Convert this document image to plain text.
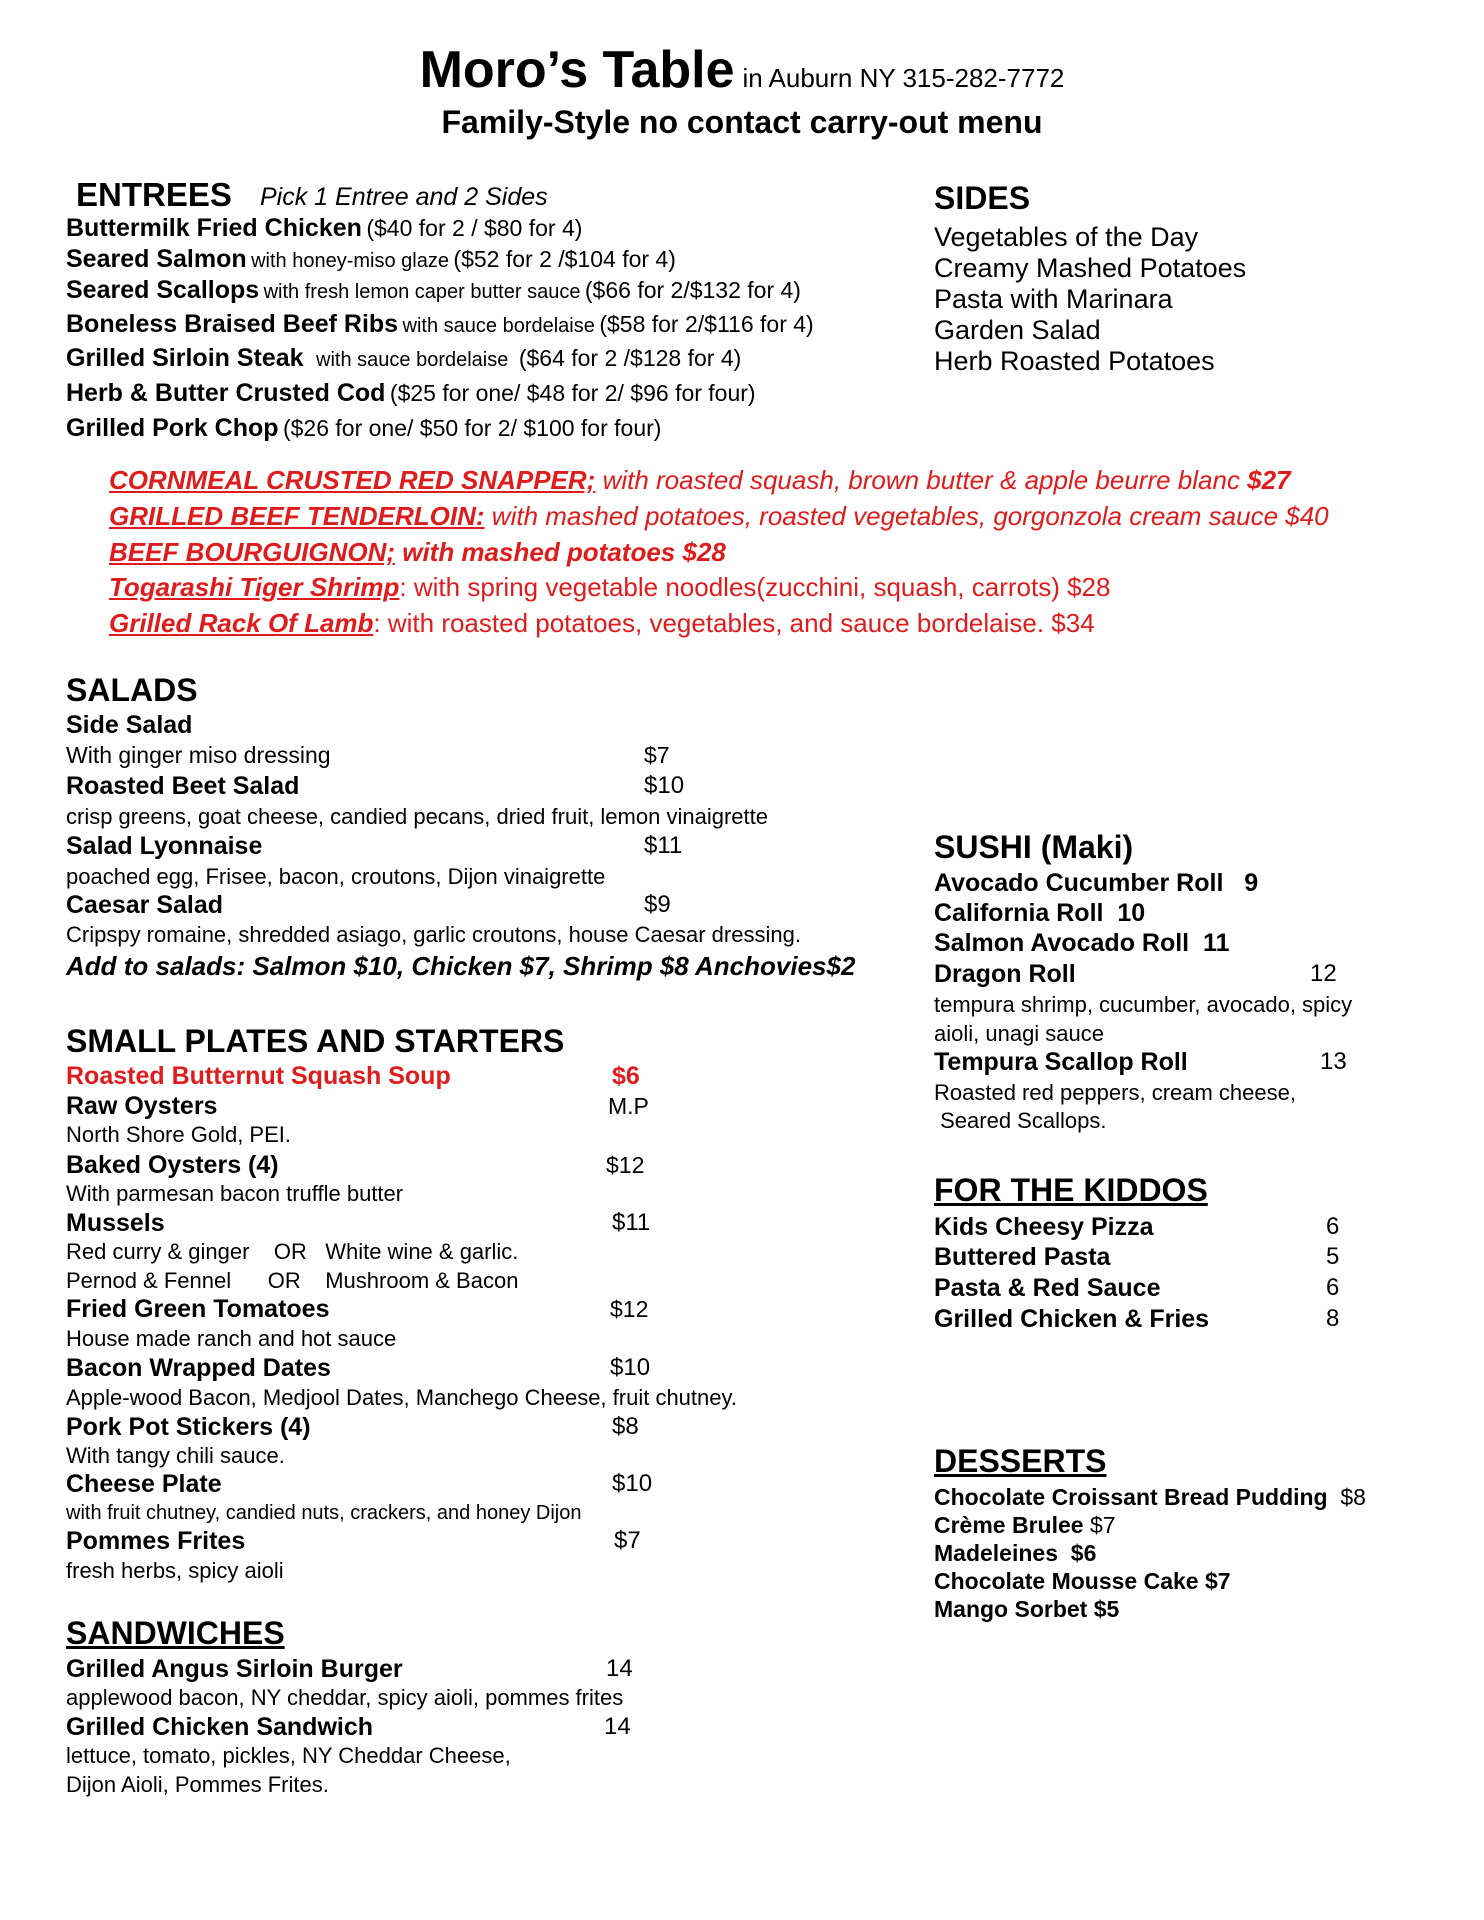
Moro’s Table in Auburn NY 315-282-7772
Family-Style no contact carry-out menu
ENTREES Pick 1 Entree and 2 Sides
Buttermilk Fried Chicken ($40 for 2 / $80 for 4)
Seared Salmon with honey-miso glaze ($52 for 2 /$104 for 4)
Seared Scallops with fresh lemon caper butter sauce ($66 for 2/$132 for 4)
Boneless Braised Beef Ribs with sauce bordelaise ($58 for 2/$116 for 4)
Grilled Sirloin Steak with sauce bordelaise ($64 for 2 /$128 for 4)
Herb & Butter Crusted Cod ($25 for one/ $48 for 2/ $96 for four)
Grilled Pork Chop ($26 for one/ $50 for 2/ $100 for four)
SIDES
Vegetables of the Day
Creamy Mashed Potatoes
Pasta with Marinara
Garden Salad
Herb Roasted Potatoes
CORNMEAL CRUSTED RED SNAPPER; with roasted squash, brown butter & apple beurre blanc $27
GRILLED BEEF TENDERLOIN: with mashed potatoes, roasted vegetables, gorgonzola cream sauce $40
BEEF BOURGUIGNON; with mashed potatoes $28
Togarashi Tiger Shrimp: with spring vegetable noodles(zucchini, squash, carrots) $28
Grilled Rack Of Lamb: with roasted potatoes, vegetables, and sauce bordelaise. $34
SALADS
Side Salad
With ginger miso dressing	$7
Roasted Beet Salad	$10
crisp greens, goat cheese, candied pecans, dried fruit, lemon vinaigrette
Salad Lyonnaise	$11
poached egg, Frisee, bacon, croutons, Dijon vinaigrette
Caesar Salad	$9
Cripspy romaine, shredded asiago, garlic croutons, house Caesar dressing.
Add to salads: Salmon $10, Chicken $7, Shrimp $8 Anchovies$2
SMALL PLATES AND STARTERS
Roasted Butternut Squash Soup	$6
Raw Oysters	M.P
North Shore Gold, PEI.
Baked Oysters (4)	$12
With parmesan bacon truffle butter
Mussels	$11
Red curry & ginger    OR   White wine & garlic.
Pernod & Fennel      OR    Mushroom & Bacon
Fried Green Tomatoes	$12
House made ranch and hot sauce
Bacon Wrapped Dates	$10
Apple-wood Bacon, Medjool Dates, Manchego Cheese, fruit chutney.
Pork Pot Stickers (4)	$8
With tangy chili sauce.
Cheese Plate	$10
with fruit chutney, candied nuts, crackers, and honey Dijon
Pommes Frites	$7
fresh herbs, spicy aioli
SANDWICHES
Grilled Angus Sirloin Burger	14
applewood bacon, NY cheddar, spicy aioli, pommes frites
Grilled Chicken Sandwich	14
lettuce, tomato, pickles, NY Cheddar Cheese,
Dijon Aioli, Pommes Frites.
SUSHI (Maki)
Avocado Cucumber Roll 9
California Roll 10
Salmon Avocado Roll 11
Dragon Roll	12
tempura shrimp, cucumber, avocado, spicy
aioli, unagi sauce
Tempura Scallop Roll	13
Roasted red peppers, cream cheese,
Seared Scallops.
FOR THE KIDDOS
Kids Cheesy Pizza	6
Buttered Pasta	5
Pasta & Red Sauce	6
Grilled Chicken & Fries	8
DESSERTS
Chocolate Croissant Bread Pudding $8
Crème Brulee $7
Madeleines  $6
Chocolate Mousse Cake $7
Mango Sorbet $5
